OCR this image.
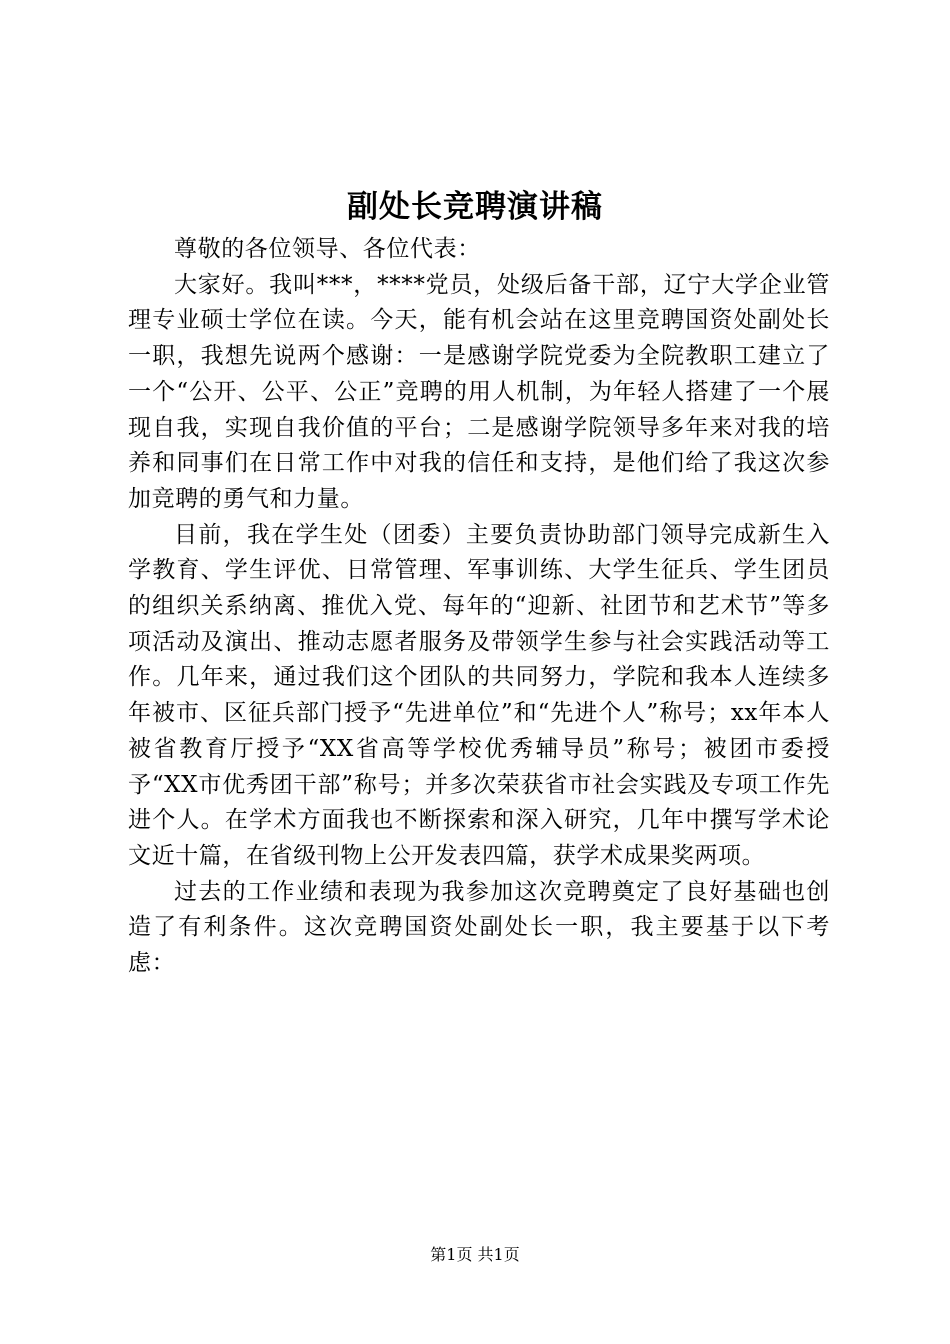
副处长竞聘演讲稿

尊敬的各位领导、各位代表：

大家好。我叫***，****党员，处级后备干部，辽宁大学企业管理专业硕士学位在读。今天，能有机会站在这里竞聘国资处副处长一职，我想先说两个感谢：一是感谢学院党委为全院教职工建立了一个“公开、公平、公正”竞聘的用人机制，为年轻人搭建了一个展现自我，实现自我价值的平台；二是感谢学院领导多年来对我的培养和同事们在日常工作中对我的信任和支持，是他们给了我这次参加竞聘的勇气和力量。

目前，我在学生处（团委）主要负责协助部门领导完成新生入学教育、学生评优、日常管理、军事训练、大学生征兵、学生团员的组织关系纳离、推优入党、每年的“迎新、社团节和艺术节”等多项活动及演出、推动志愿者服务及带领学生参与社会实践活动等工作。几年来，通过我们这个团队的共同努力，学院和我本人连续多年被市、区征兵部门授予“先进单位”和“先进个人”称号；xx年本人被省教育厅授予“XX省高等学校优秀辅导员”称号；被团市委授予“XX市优秀团干部”称号；并多次荣获省市社会实践及专项工作先进个人。在学术方面我也不断探索和深入研究，几年中撰写学术论文近十篇，在省级刊物上公开发表四篇，获学术成果奖两项。

过去的工作业绩和表现为我参加这次竞聘奠定了良好基础也创造了有利条件。这次竞聘国资处副处长一职，我主要基于以下考虑：

第1页 共1页
